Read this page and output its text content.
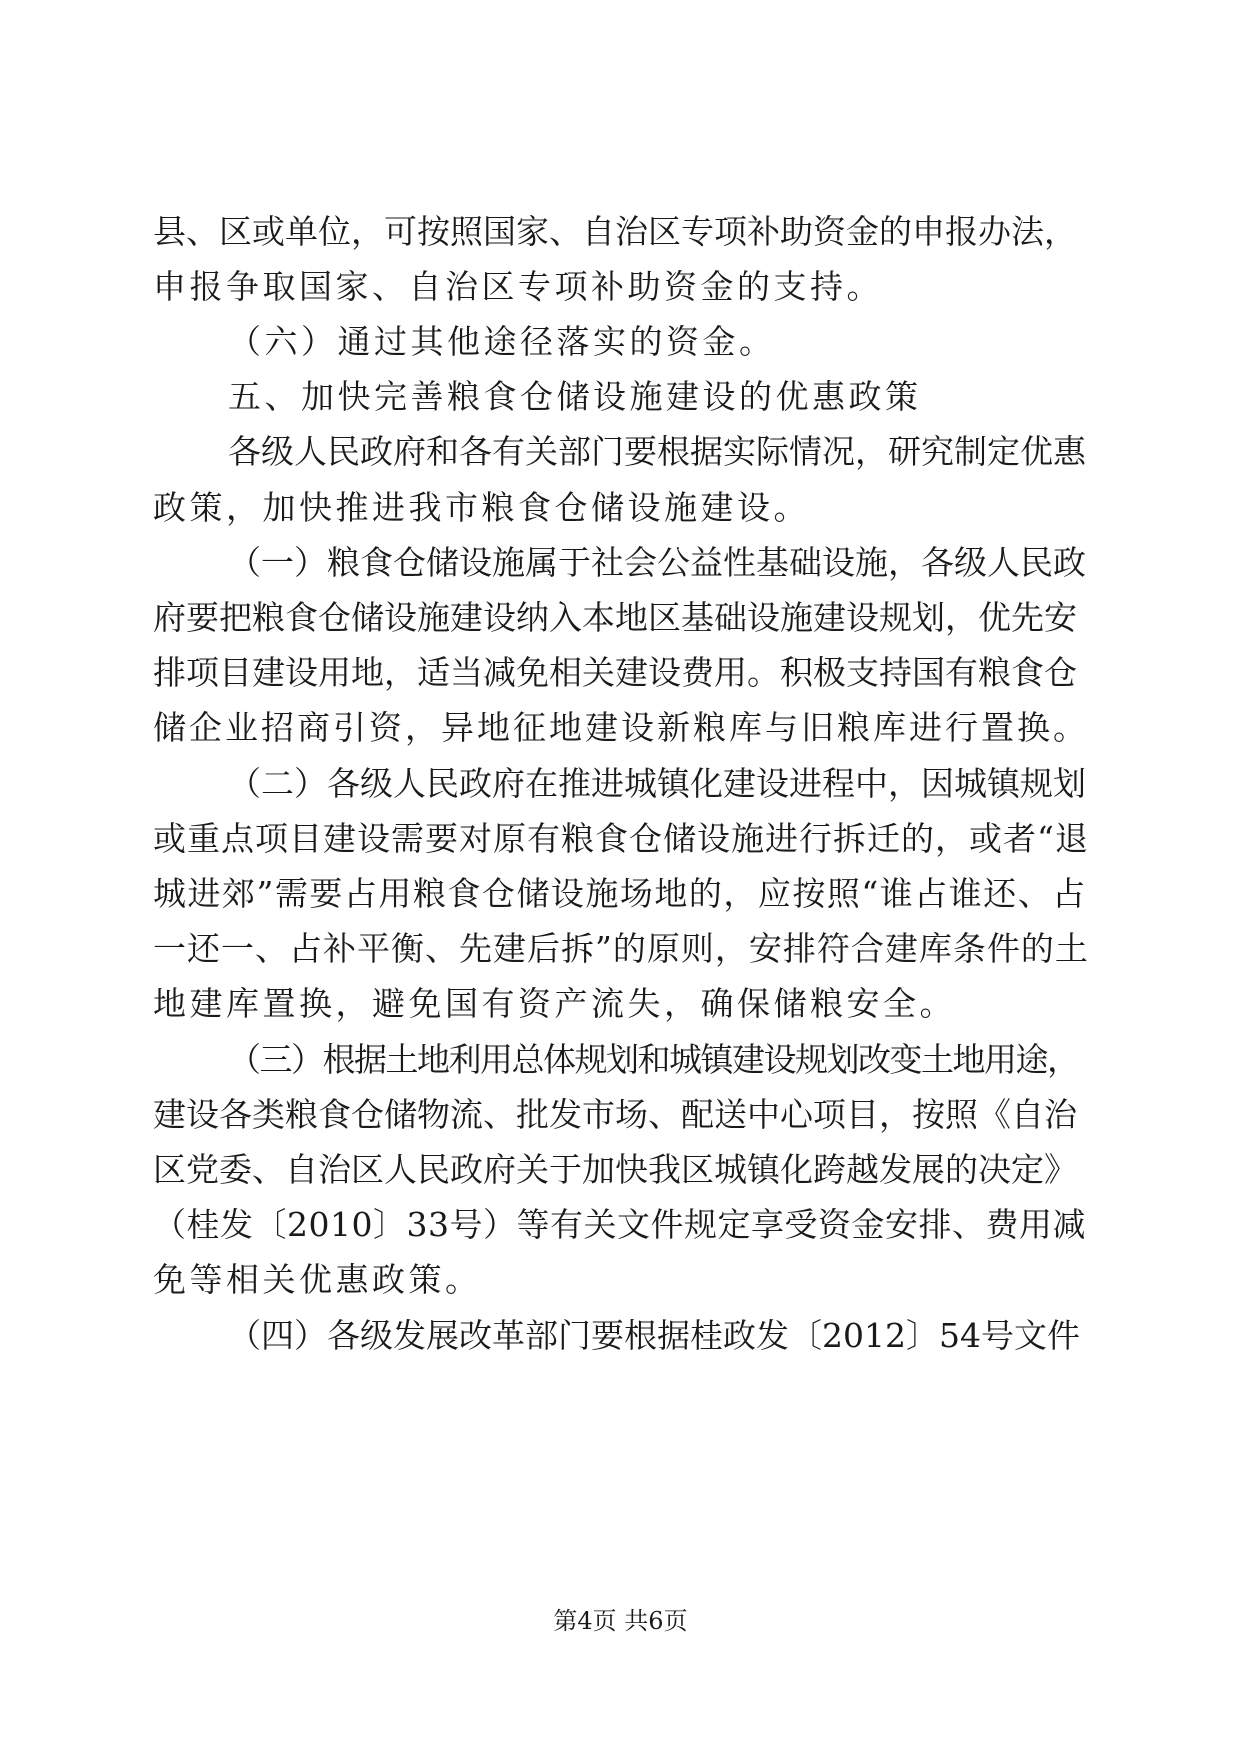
县、区或单位，可按照国家、自治区专项补助资金的申报办法，
申报争取国家、自治区专项补助资金的支持。
（六）通过其他途径落实的资金。
五、加快完善粮食仓储设施建设的优惠政策
各级人民政府和各有关部门要根据实际情况，研究制定优惠
政策，加快推进我市粮食仓储设施建设。
（一）粮食仓储设施属于社会公益性基础设施，各级人民政
府要把粮食仓储设施建设纳入本地区基础设施建设规划，优先安
排项目建设用地，适当减免相关建设费用。积极支持国有粮食仓
储企业招商引资，异地征地建设新粮库与旧粮库进行置换。
（二）各级人民政府在推进城镇化建设进程中，因城镇规划
或重点项目建设需要对原有粮食仓储设施进行拆迁的，或者“退
城进郊”需要占用粮食仓储设施场地的，应按照“谁占谁还、占
一还一、占补平衡、先建后拆”的原则，安排符合建库条件的土
地建库置换，避免国有资产流失，确保储粮安全。
（三）根据土地利用总体规划和城镇建设规划改变土地用途，
建设各类粮食仓储物流、批发市场、配送中心项目，按照《自治
区党委、自治区人民政府关于加快我区城镇化跨越发展的决定》
（桂发〔2010〕33号）等有关文件规定享受资金安排、费用减
免等相关优惠政策。
（四）各级发展改革部门要根据桂政发〔2012〕54号文件
第4页 共6页
